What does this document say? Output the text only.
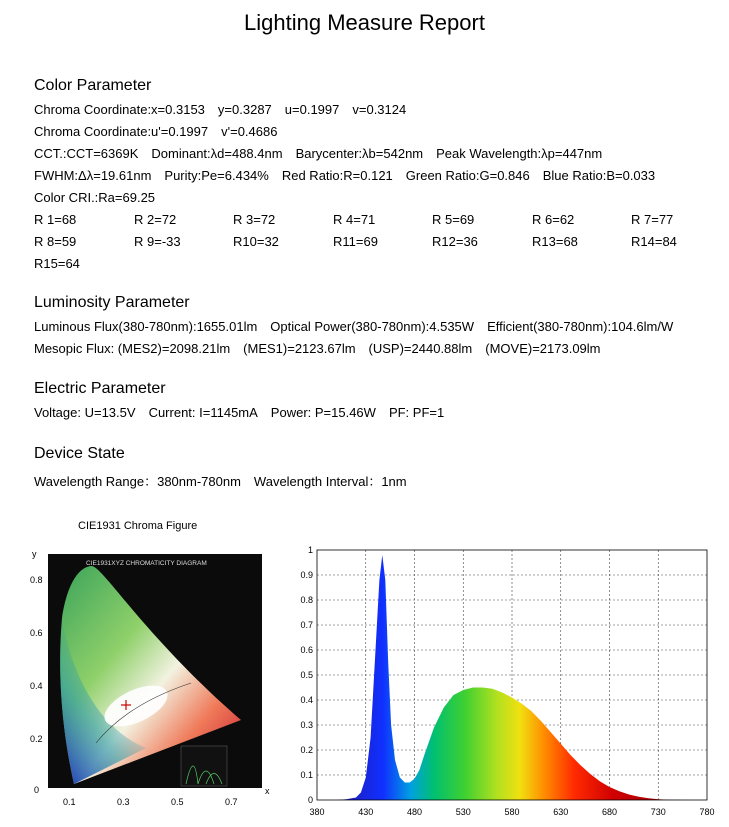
Lighting Measure Report
Color Parameter
Chroma Coordinate:x=0.3153 y=0.3287 u=0.1997 v=0.3124
Chroma Coordinate:u'=0.1997 v'=0.4686
CCT.:CCT=6369K Dominant:λd=488.4nm Barycenter:λb=542nm Peak Wavelength:λp=447nm
FWHM:Δλ=19.61nm Purity:Pe=6.434% Red Ratio:R=0.121 Green Ratio:G=0.846 Blue Ratio:B=0.033
Color CRI.:Ra=69.25
R 1=68	R 2=72	R 3=72	R 4=71	R 5=69	R 6=62	R 7=77
R 8=59	R 9=-33	R10=32	R11=69	R12=36	R13=68	R14=84
R15=64
Luminosity Parameter
Luminous Flux(380-780nm):1655.01lm Optical Power(380-780nm):4.535W Efficient(380-780nm):104.6lm/W
Mesopic Flux: (MES2)=2098.21lm (MES1)=2123.67lm (USP)=2440.88lm (MOVE)=2173.09lm
Electric Parameter
Voltage: U=13.5V Current: I=1145mA Power: P=15.46W PF: PF=1
Device State
Wavelength Range：380nm-780nm Wavelength Interval：1nm
CIE1931 Chroma Figure
CIE1931XYZ CHROMATICITY DIAGRAM
y
x
0.8
0.6
0.4
0.2
0
0.1	0.3	0.5	0.7	0
0.1
0.2
0.3
0.4
0.5
0.6
0.7
0.8
0.9
1
380	430	480	530	580	630	680	730	780
